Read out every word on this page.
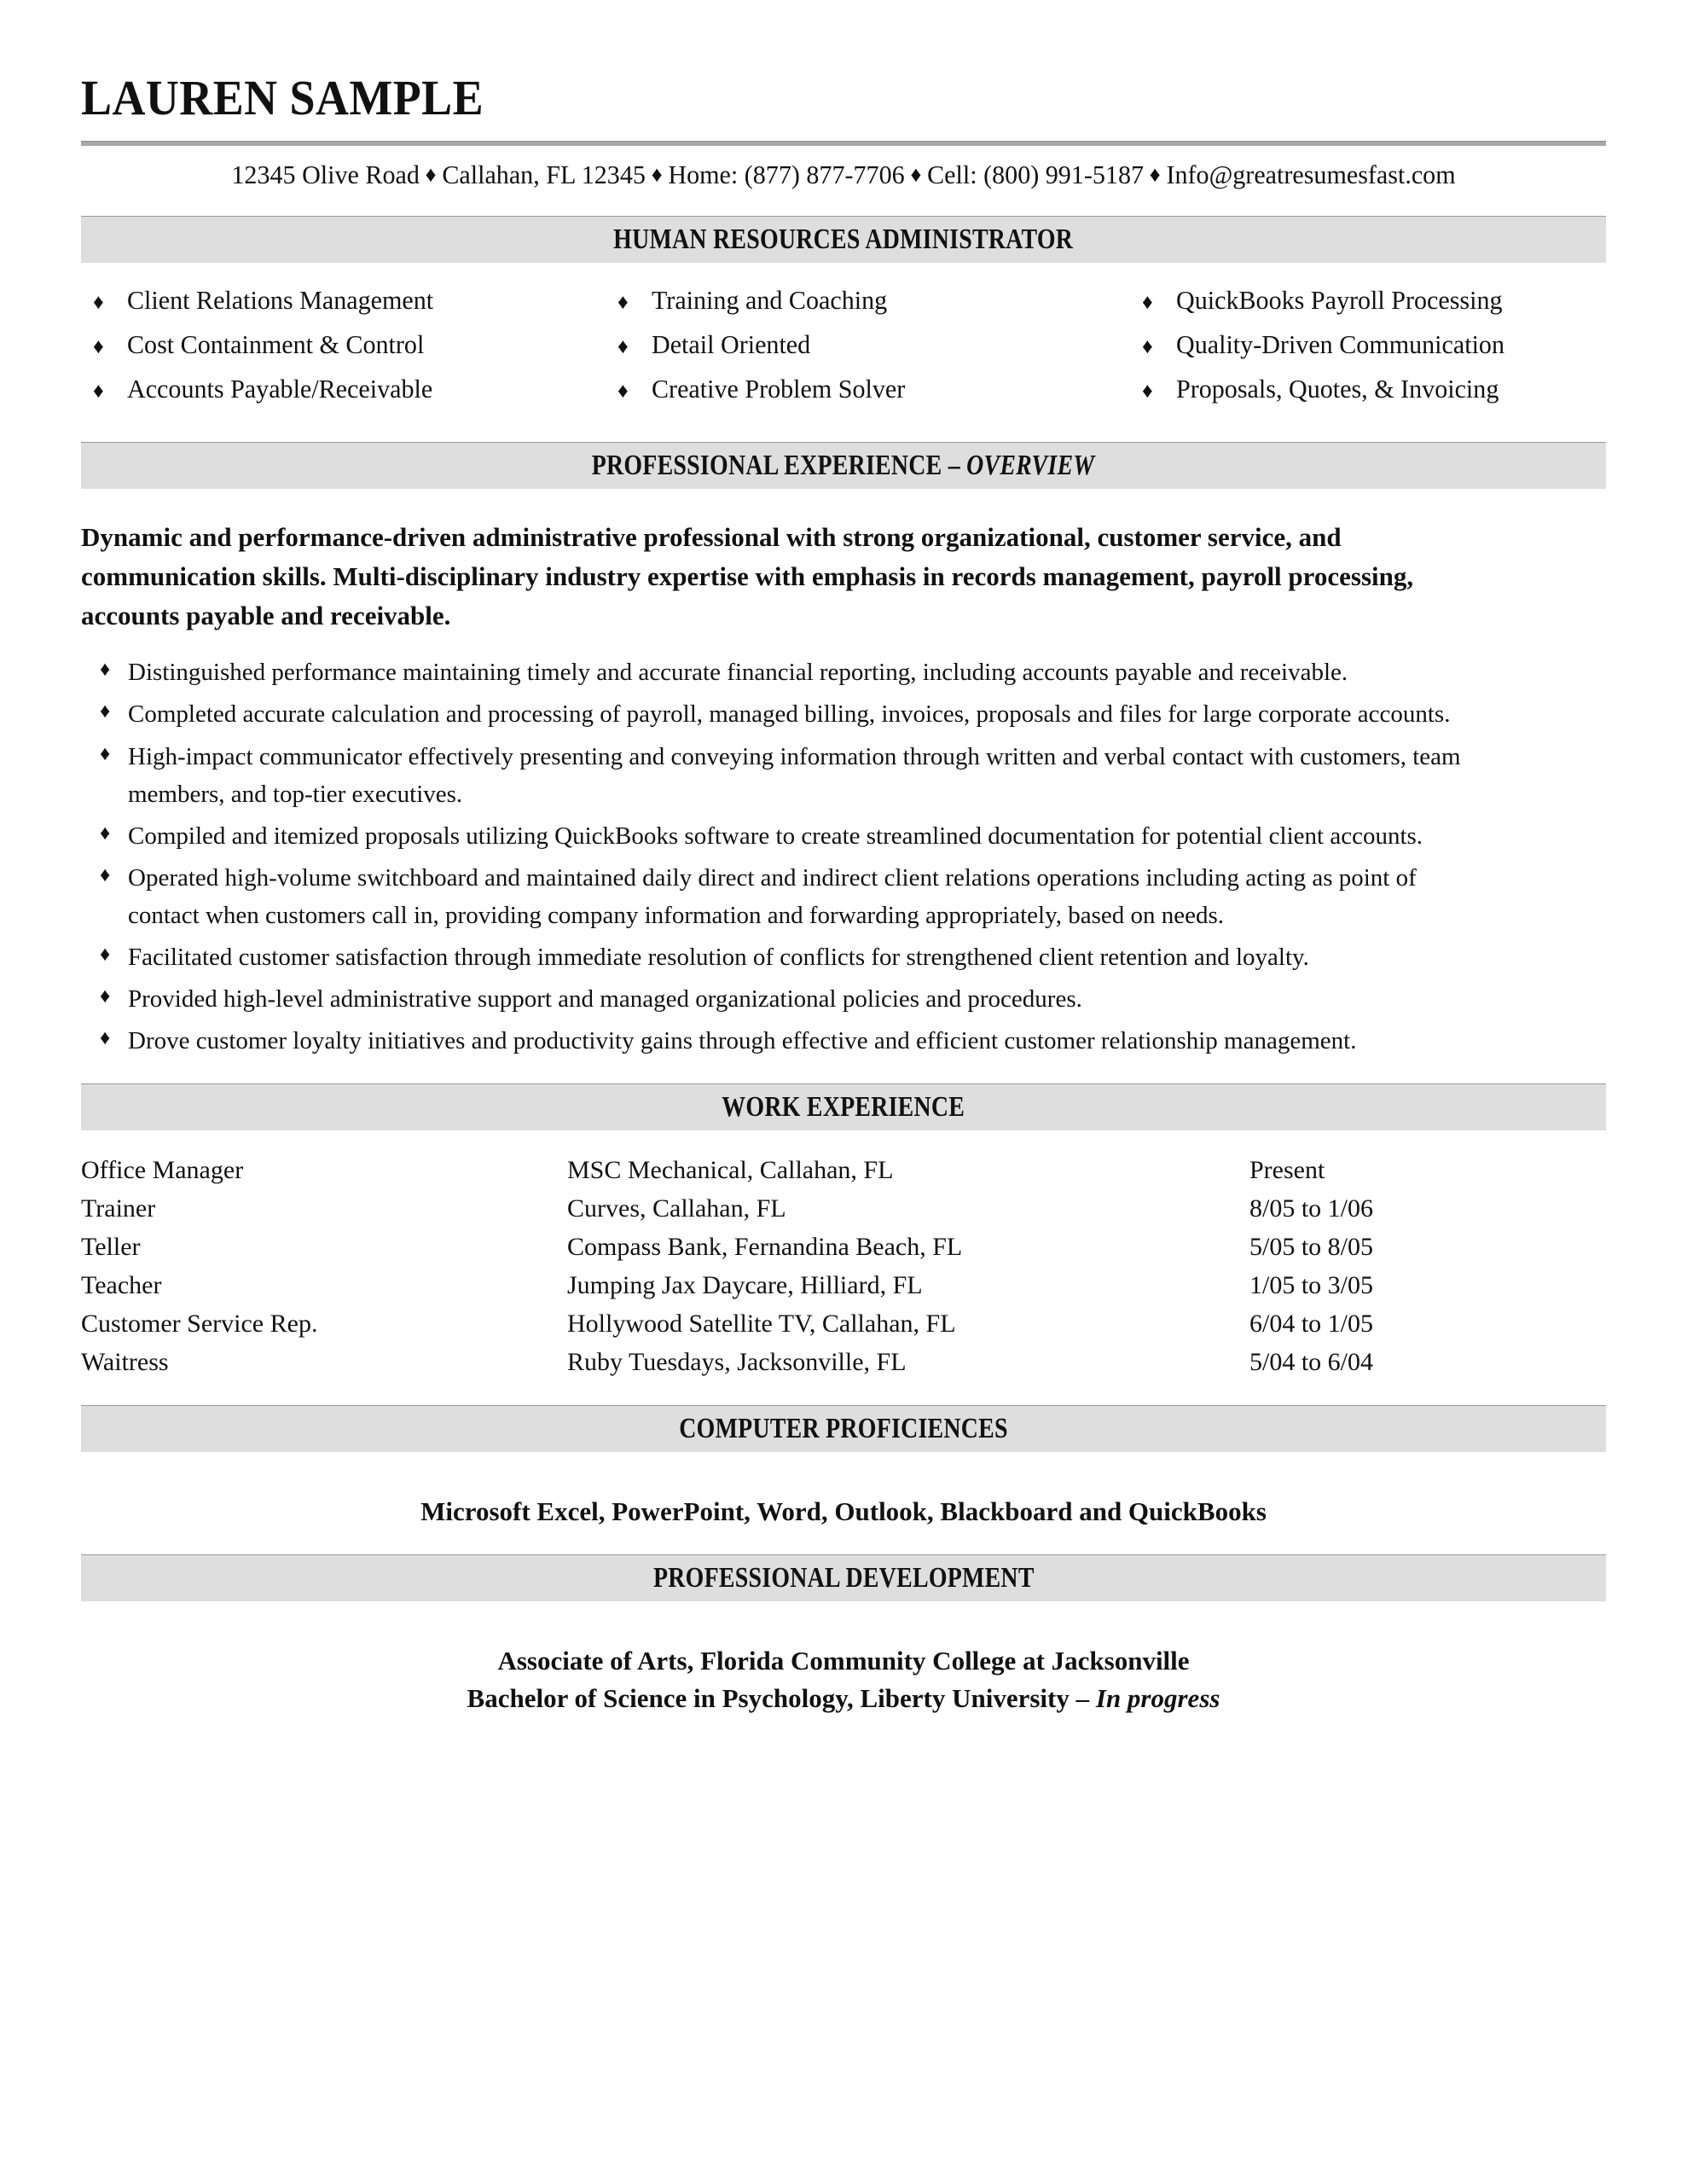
LAUREN SAMPLE
12345 Olive Road ♦ Callahan, FL 12345 ♦ Home: (877) 877-7706 ♦ Cell: (800) 991-5187 ♦ Info@greatresumesfast.com
HUMAN RESOURCES ADMINISTRATOR
♦ Client Relations Management	♦ Training and Coaching	♦ QuickBooks Payroll Processing
♦ Cost Containment & Control	♦ Detail Oriented	♦ Quality-Driven Communication
♦ Accounts Payable/Receivable	♦ Creative Problem Solver	♦ Proposals, Quotes, & Invoicing
PROFESSIONAL EXPERIENCE – OVERVIEW
Dynamic and performance-driven administrative professional with strong organizational, customer service, and communication skills. Multi-disciplinary industry expertise with emphasis in records management, payroll processing, accounts payable and receivable.
♦ Distinguished performance maintaining timely and accurate financial reporting, including accounts payable and receivable.
♦ Completed accurate calculation and processing of payroll, managed billing, invoices, proposals and files for large corporate accounts.
♦ High-impact communicator effectively presenting and conveying information through written and verbal contact with customers, team members, and top-tier executives.
♦ Compiled and itemized proposals utilizing QuickBooks software to create streamlined documentation for potential client accounts.
♦ Operated high-volume switchboard and maintained daily direct and indirect client relations operations including acting as point of contact when customers call in, providing company information and forwarding appropriately, based on needs.
♦ Facilitated customer satisfaction through immediate resolution of conflicts for strengthened client retention and loyalty.
♦ Provided high-level administrative support and managed organizational policies and procedures.
♦ Drove customer loyalty initiatives and productivity gains through effective and efficient customer relationship management.
WORK EXPERIENCE
Office Manager	MSC Mechanical, Callahan, FL	Present
Trainer	Curves, Callahan, FL	8/05 to 1/06
Teller	Compass Bank, Fernandina Beach, FL	5/05 to 8/05
Teacher	Jumping Jax Daycare, Hilliard, FL	1/05 to 3/05
Customer Service Rep.	Hollywood Satellite TV, Callahan, FL	6/04 to 1/05
Waitress	Ruby Tuesdays, Jacksonville, FL	5/04 to 6/04
COMPUTER PROFICIENCES
Microsoft Excel, PowerPoint, Word, Outlook, Blackboard and QuickBooks
PROFESSIONAL DEVELOPMENT
Associate of Arts, Florida Community College at Jacksonville
Bachelor of Science in Psychology, Liberty University – In progress
